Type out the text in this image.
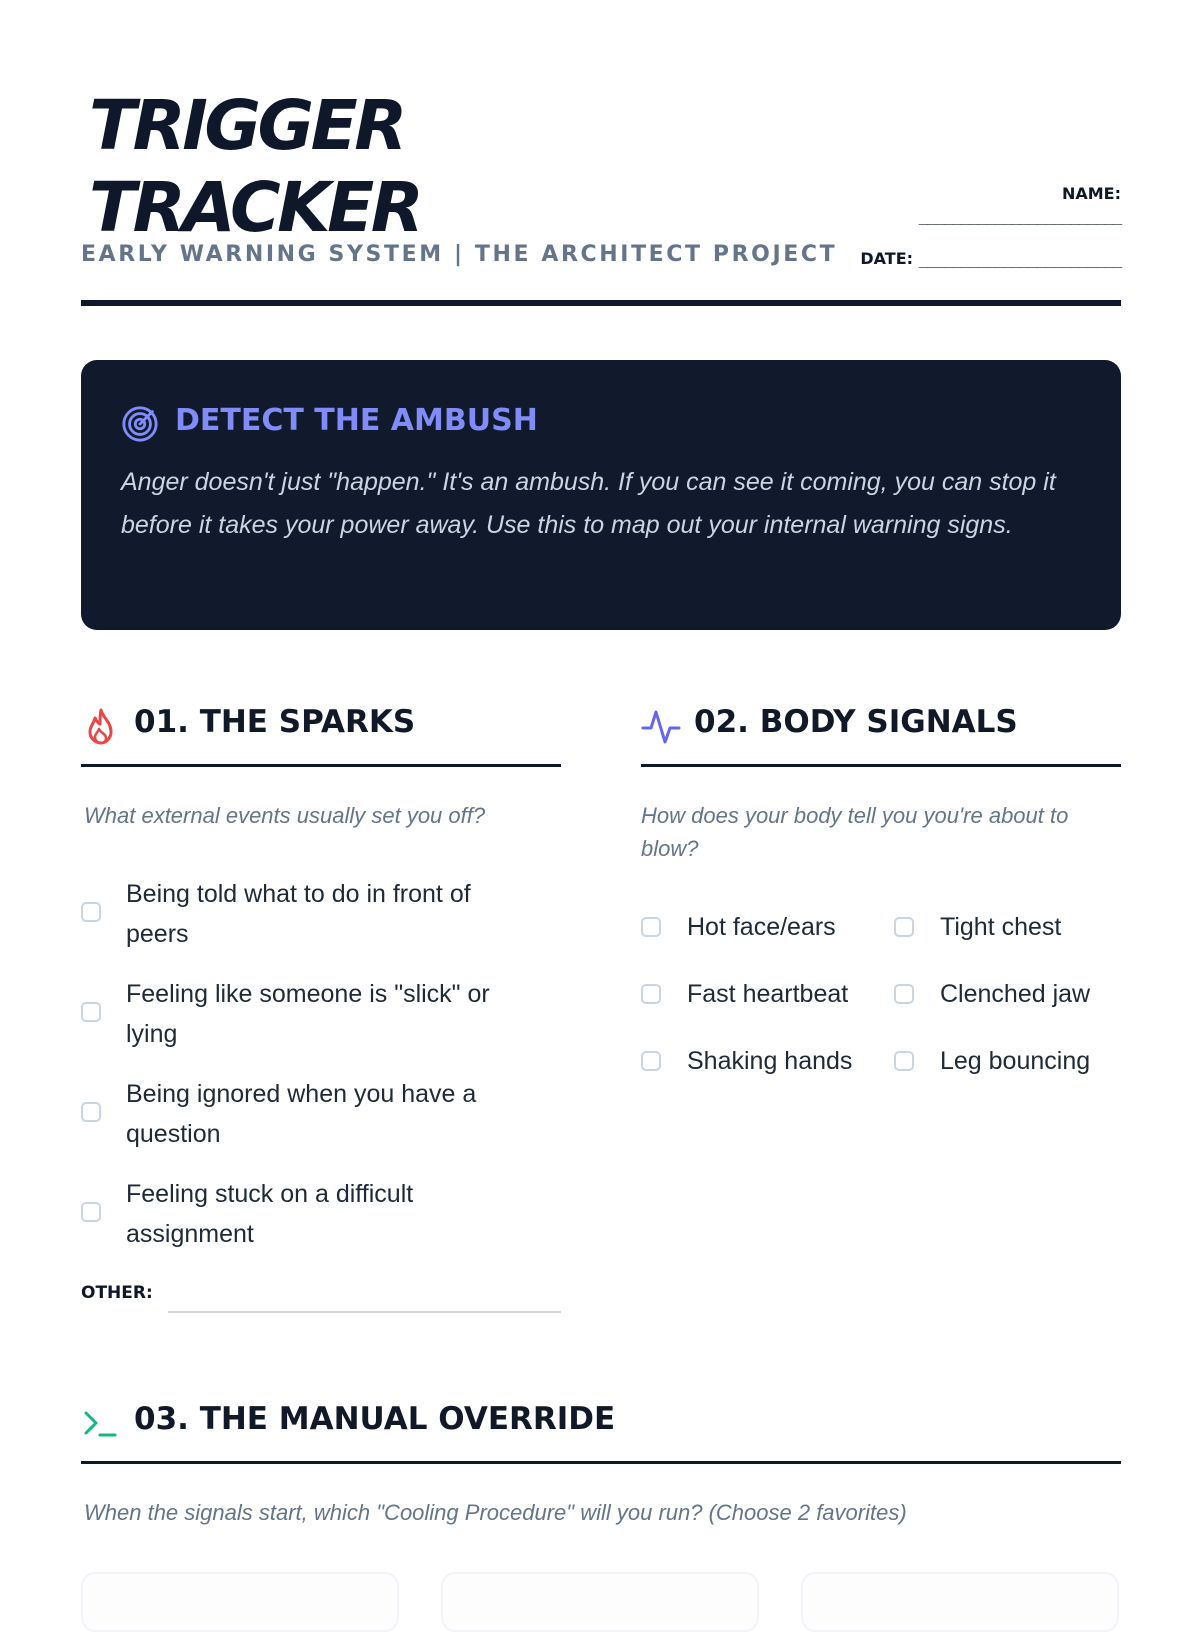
TRIGGER
TRACKER
EARLY WARNING SYSTEM | THE ARCHITECT PROJECT
NAME:
________________________
DATE: ________________________
DETECT THE AMBUSH
Anger doesn't just "happen." It's an ambush. If you can see it coming, you can stop it before it takes your power away. Use this to map out your internal warning signs.
01. THE SPARKS
What external events usually set you off?
Being told what to do in front of peers
Feeling like someone is "slick" or lying
Being ignored when you have a question
Feeling stuck on a difficult assignment
OTHER:
02. BODY SIGNALS
How does your body tell you you're about to blow?
Hot face/ears	Tight chest
Fast heartbeat	Clenched jaw
Shaking hands	Leg bouncing
03. THE MANUAL OVERRIDE
When the signals start, which "Cooling Procedure" will you run? (Choose 2 favorites)
